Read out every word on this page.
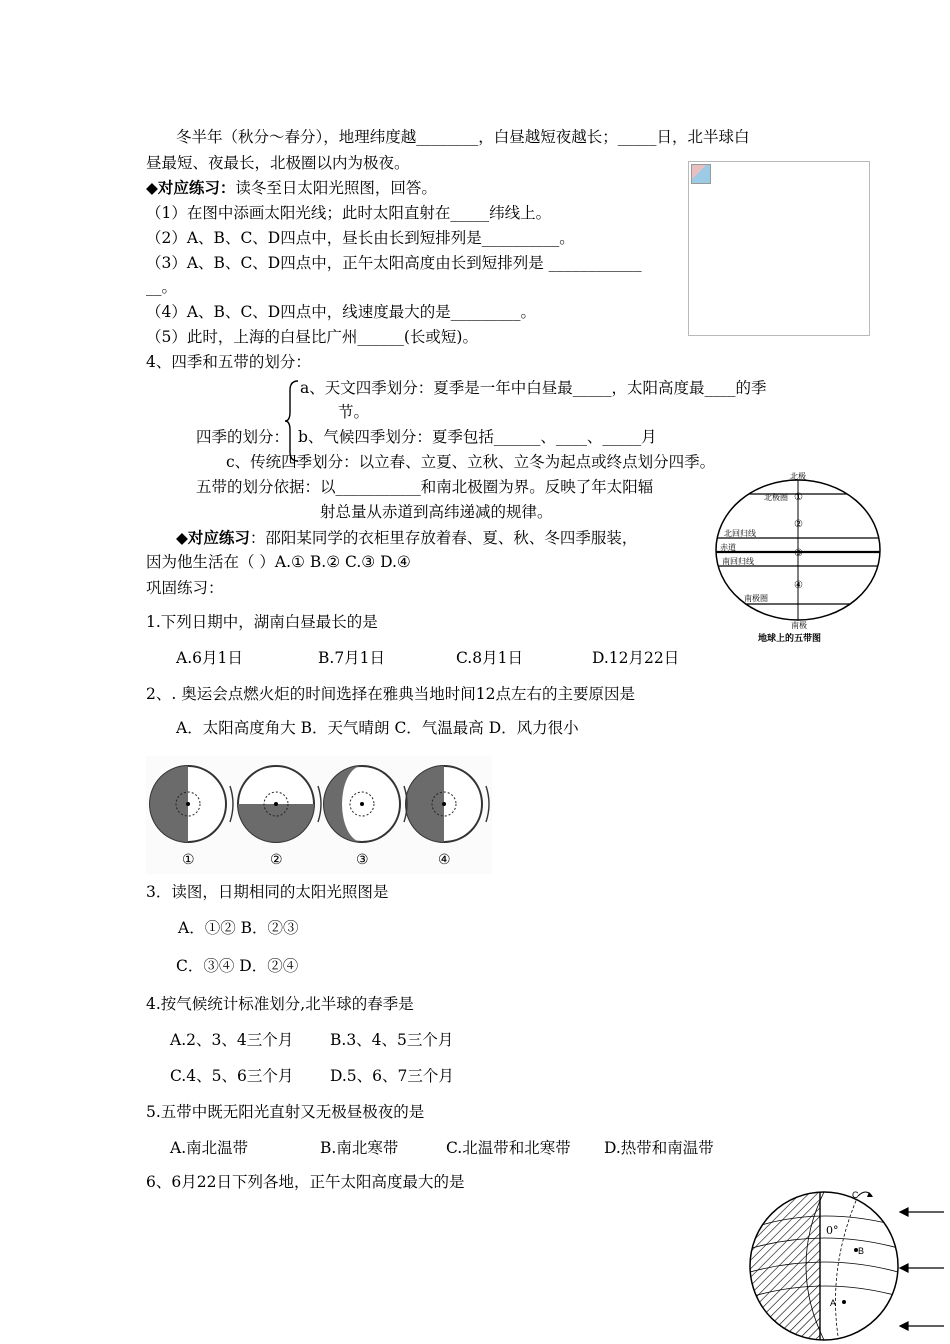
冬半年（秋分～春分），地理纬度越________，白昼越短夜越长；_____日，北半球白
昼最短、夜最长，北极圈以内为极夜。
◆对应练习：读冬至日太阳光照图，回答。
（1）在图中添画太阳光线；此时太阳直射在_____纬线上。
（2）A、B、C、D四点中，昼长由长到短排列是__________。
（3）A、B、C、D四点中，正午太阳高度由长到短排列是 ____________
__。
（4）A、B、C、D四点中，线速度最大的是_________。
（5）此时，上海的白昼比广州______(长或短)。
4、四季和五带的划分：
a、天文四季划分：夏季是一年中白昼最_____，太阳高度最____的季
节。
四季的划分： b、气候四季划分：夏季包括______、____、_____月
c、传统四季划分：以立春、立夏、立秋、立冬为起点或终点划分四季。
五带的划分依据：以___________和南北极圈为界。反映了年太阳辐
射总量从赤道到高纬递减的规律。
◆对应练习：邵阳某同学的衣柜里存放着春、夏、秋、冬四季服装，
因为他生活在（ ）A.① B.② C.③ D.④
巩固练习：
北极
北极圈
北回归线
赤道
南回归线
南极圈
南极
地球上的五带图
①
②
③
④
1.下列日期中，湖南白昼最长的是
A.6月1日	B.7月1日	C.8月1日	D.12月22日
2、. 奥运会点燃火炬的时间选择在雅典当地时间12点左右的主要原因是
A．太阳高度角大 B．天气晴朗 C．气温最高 D．风力很小
①	②	③	④
3．读图，日期相同的太阳光照图是
A．①② B．②③
C．③④ D．②④
4.按气候统计标准划分,北半球的春季是
A.2、3、4三个月 B.3、4、5三个月
C.4、5、6三个月 D.5、6、7三个月
5.五带中既无阳光直射又无极昼极夜的是
A.南北温带	B.南北寒带	C.北温带和北寒带 D.热带和南温带
6、6月22日下列各地，正午太阳高度最大的是
0°
B
A
C
